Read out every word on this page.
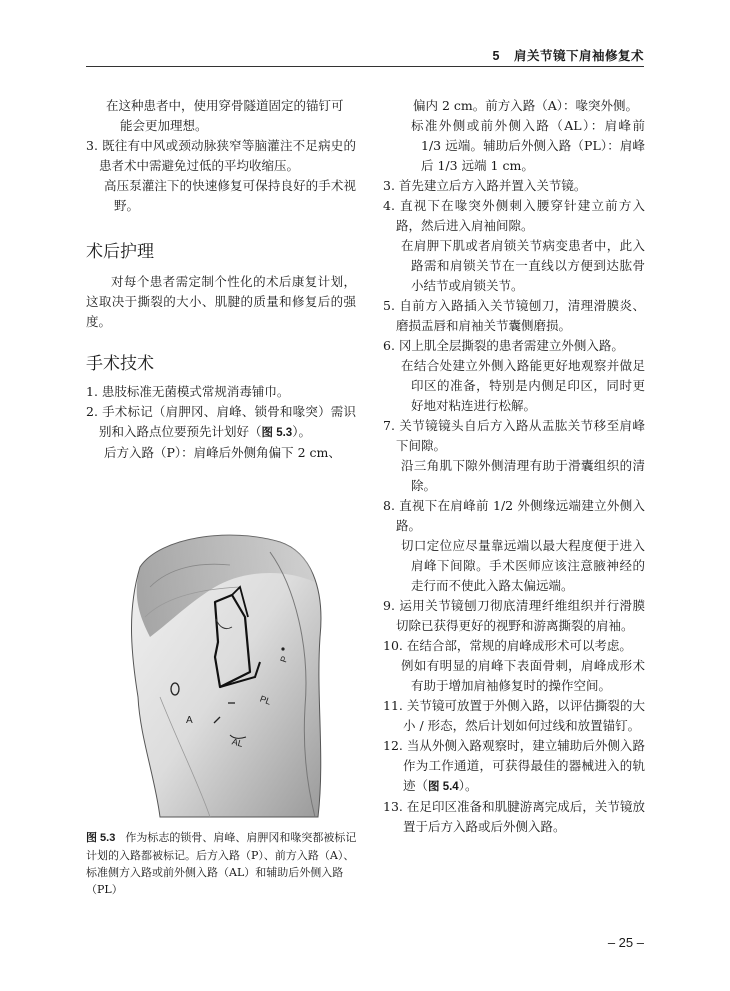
5 肩关节镜下肩袖修复术

在这种患者中，使用穿骨隧道固定的锚钉可

能会更加理想。

3. 既往有中风或颈动脉狭窄等脑灌注不足病史的患者术中需避免过低的平均收缩压。

高压泵灌注下的快速修复可保持良好的手术视野。

术后护理

对每个患者需定制个性化的术后康复计划，这取决于撕裂的大小、肌腱的质量和修复后的强度。

手术技术

1. 患肢标准无菌模式常规消毒铺巾。

2. 手术标记（肩胛冈、肩峰、锁骨和喙突）需识别和入路点位要预先计划好（图 5.3）。

后方入路（P）：肩峰后外侧角偏下 2 cm、

P
PL
A
AL
图 5.3 作为标志的锁骨、肩峰、肩胛冈和喙突都被标记
计划的入路都被标记。后方入路（P）、前方入路（A）、标准侧方入路或前外侧入路（AL）和辅助后外侧入路（PL）

偏内 2 cm。前方入路（A）：喙突外侧。

标准外侧或前外侧入路（AL）：肩峰前 1/3 远端。辅助后外侧入路（PL）：肩峰后 1/3 远端 1 cm。

3. 首先建立后方入路并置入关节镜。

4. 直视下在喙突外侧刺入腰穿针建立前方入路，然后进入肩袖间隙。

在肩胛下肌或者肩锁关节病变患者中，此入路需和肩锁关节在一直线以方便到达肱骨小结节或肩锁关节。

5. 自前方入路插入关节镜刨刀，清理滑膜炎、磨损盂唇和肩袖关节囊侧磨损。

6. 冈上肌全层撕裂的患者需建立外侧入路。

在结合处建立外侧入路能更好地观察并做足印区的准备，特别是内侧足印区，同时更好地对粘连进行松解。

7. 关节镜镜头自后方入路从盂肱关节移至肩峰下间隙。

沿三角肌下隙外侧清理有助于滑囊组织的清除。

8. 直视下在肩峰前 1/2 外侧缘远端建立外侧入路。

切口定位应尽量靠远端以最大程度便于进入肩峰下间隙。手术医师应该注意腋神经的走行而不使此入路太偏远端。

9. 运用关节镜刨刀彻底清理纤维组织并行滑膜切除已获得更好的视野和游离撕裂的肩袖。

10. 在结合部，常规的肩峰成形术可以考虑。

例如有明显的肩峰下表面骨刺，肩峰成形术有助于增加肩袖修复时的操作空间。

11. 关节镜可放置于外侧入路，以评估撕裂的大小 / 形态，然后计划如何过线和放置锚钉。

12. 当从外侧入路观察时，建立辅助后外侧入路作为工作通道，可获得最佳的器械进入的轨迹（图 5.4）。

13. 在足印区准备和肌腱游离完成后，关节镜放置于后方入路或后外侧入路。

– 25 –
